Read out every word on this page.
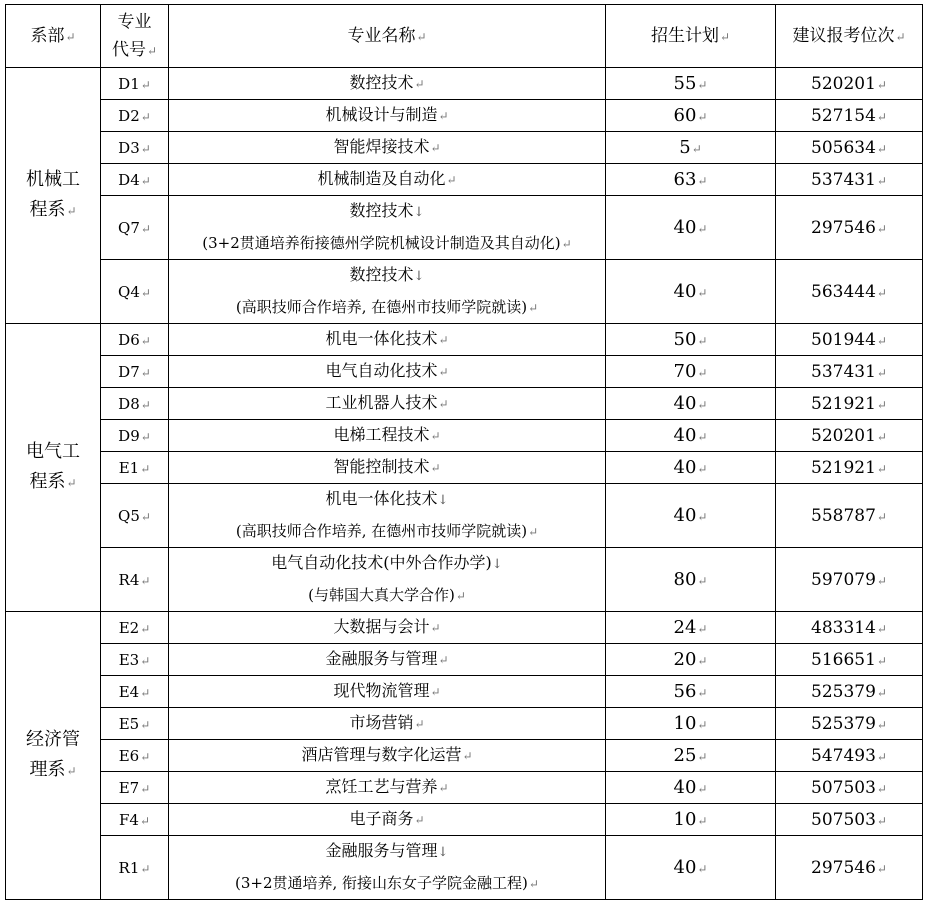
系部↵	专业
代号↵	专业名称↵	招生计划↵	建议报考位次↵

机械工
程系↵	D1↵	数控技术↵	55↵	520201↵
	D2↵	机械设计与制造↵	60↵	527154↵
	D3↵	智能焊接技术↵	5↵	505634↵
	D4↵	机械制造及自动化↵	63↵	537431↵
	Q7↵	数控技术↓
(3+2贯通培养衔接德州学院机械设计制造及其自动化)↵	40↵	297546↵
	Q4↵	数控技术↓
(高职技师合作培养, 在德州市技师学院就读)↵	40↵	563444↵

电气工
程系↵	D6↵	机电一体化技术↵	50↵	501944↵
	D7↵	电气自动化技术↵	70↵	537431↵
	D8↵	工业机器人技术↵	40↵	521921↵
	D9↵	电梯工程技术↵	40↵	520201↵
	E1↵	智能控制技术↵	40↵	521921↵
	Q5↵	机电一体化技术↓
(高职技师合作培养, 在德州市技师学院就读)↵	40↵	558787↵
	R4↵	电气自动化技术(中外合作办学)↓
(与韩国大真大学合作)↵	80↵	597079↵

经济管
理系↵	E2↵	大数据与会计↵	24↵	483314↵
	E3↵	金融服务与管理↵	20↵	516651↵
	E4↵	现代物流管理↵	56↵	525379↵
	E5↵	市场营销↵	10↵	525379↵
	E6↵	酒店管理与数字化运营↵	25↵	547493↵
	E7↵	烹饪工艺与营养↵	40↵	507503↵
	F4↵	电子商务↵	10↵	507503↵
	R1↵	金融服务与管理↓
(3+2贯通培养, 衔接山东女子学院金融工程)↵	40↵	297546↵
